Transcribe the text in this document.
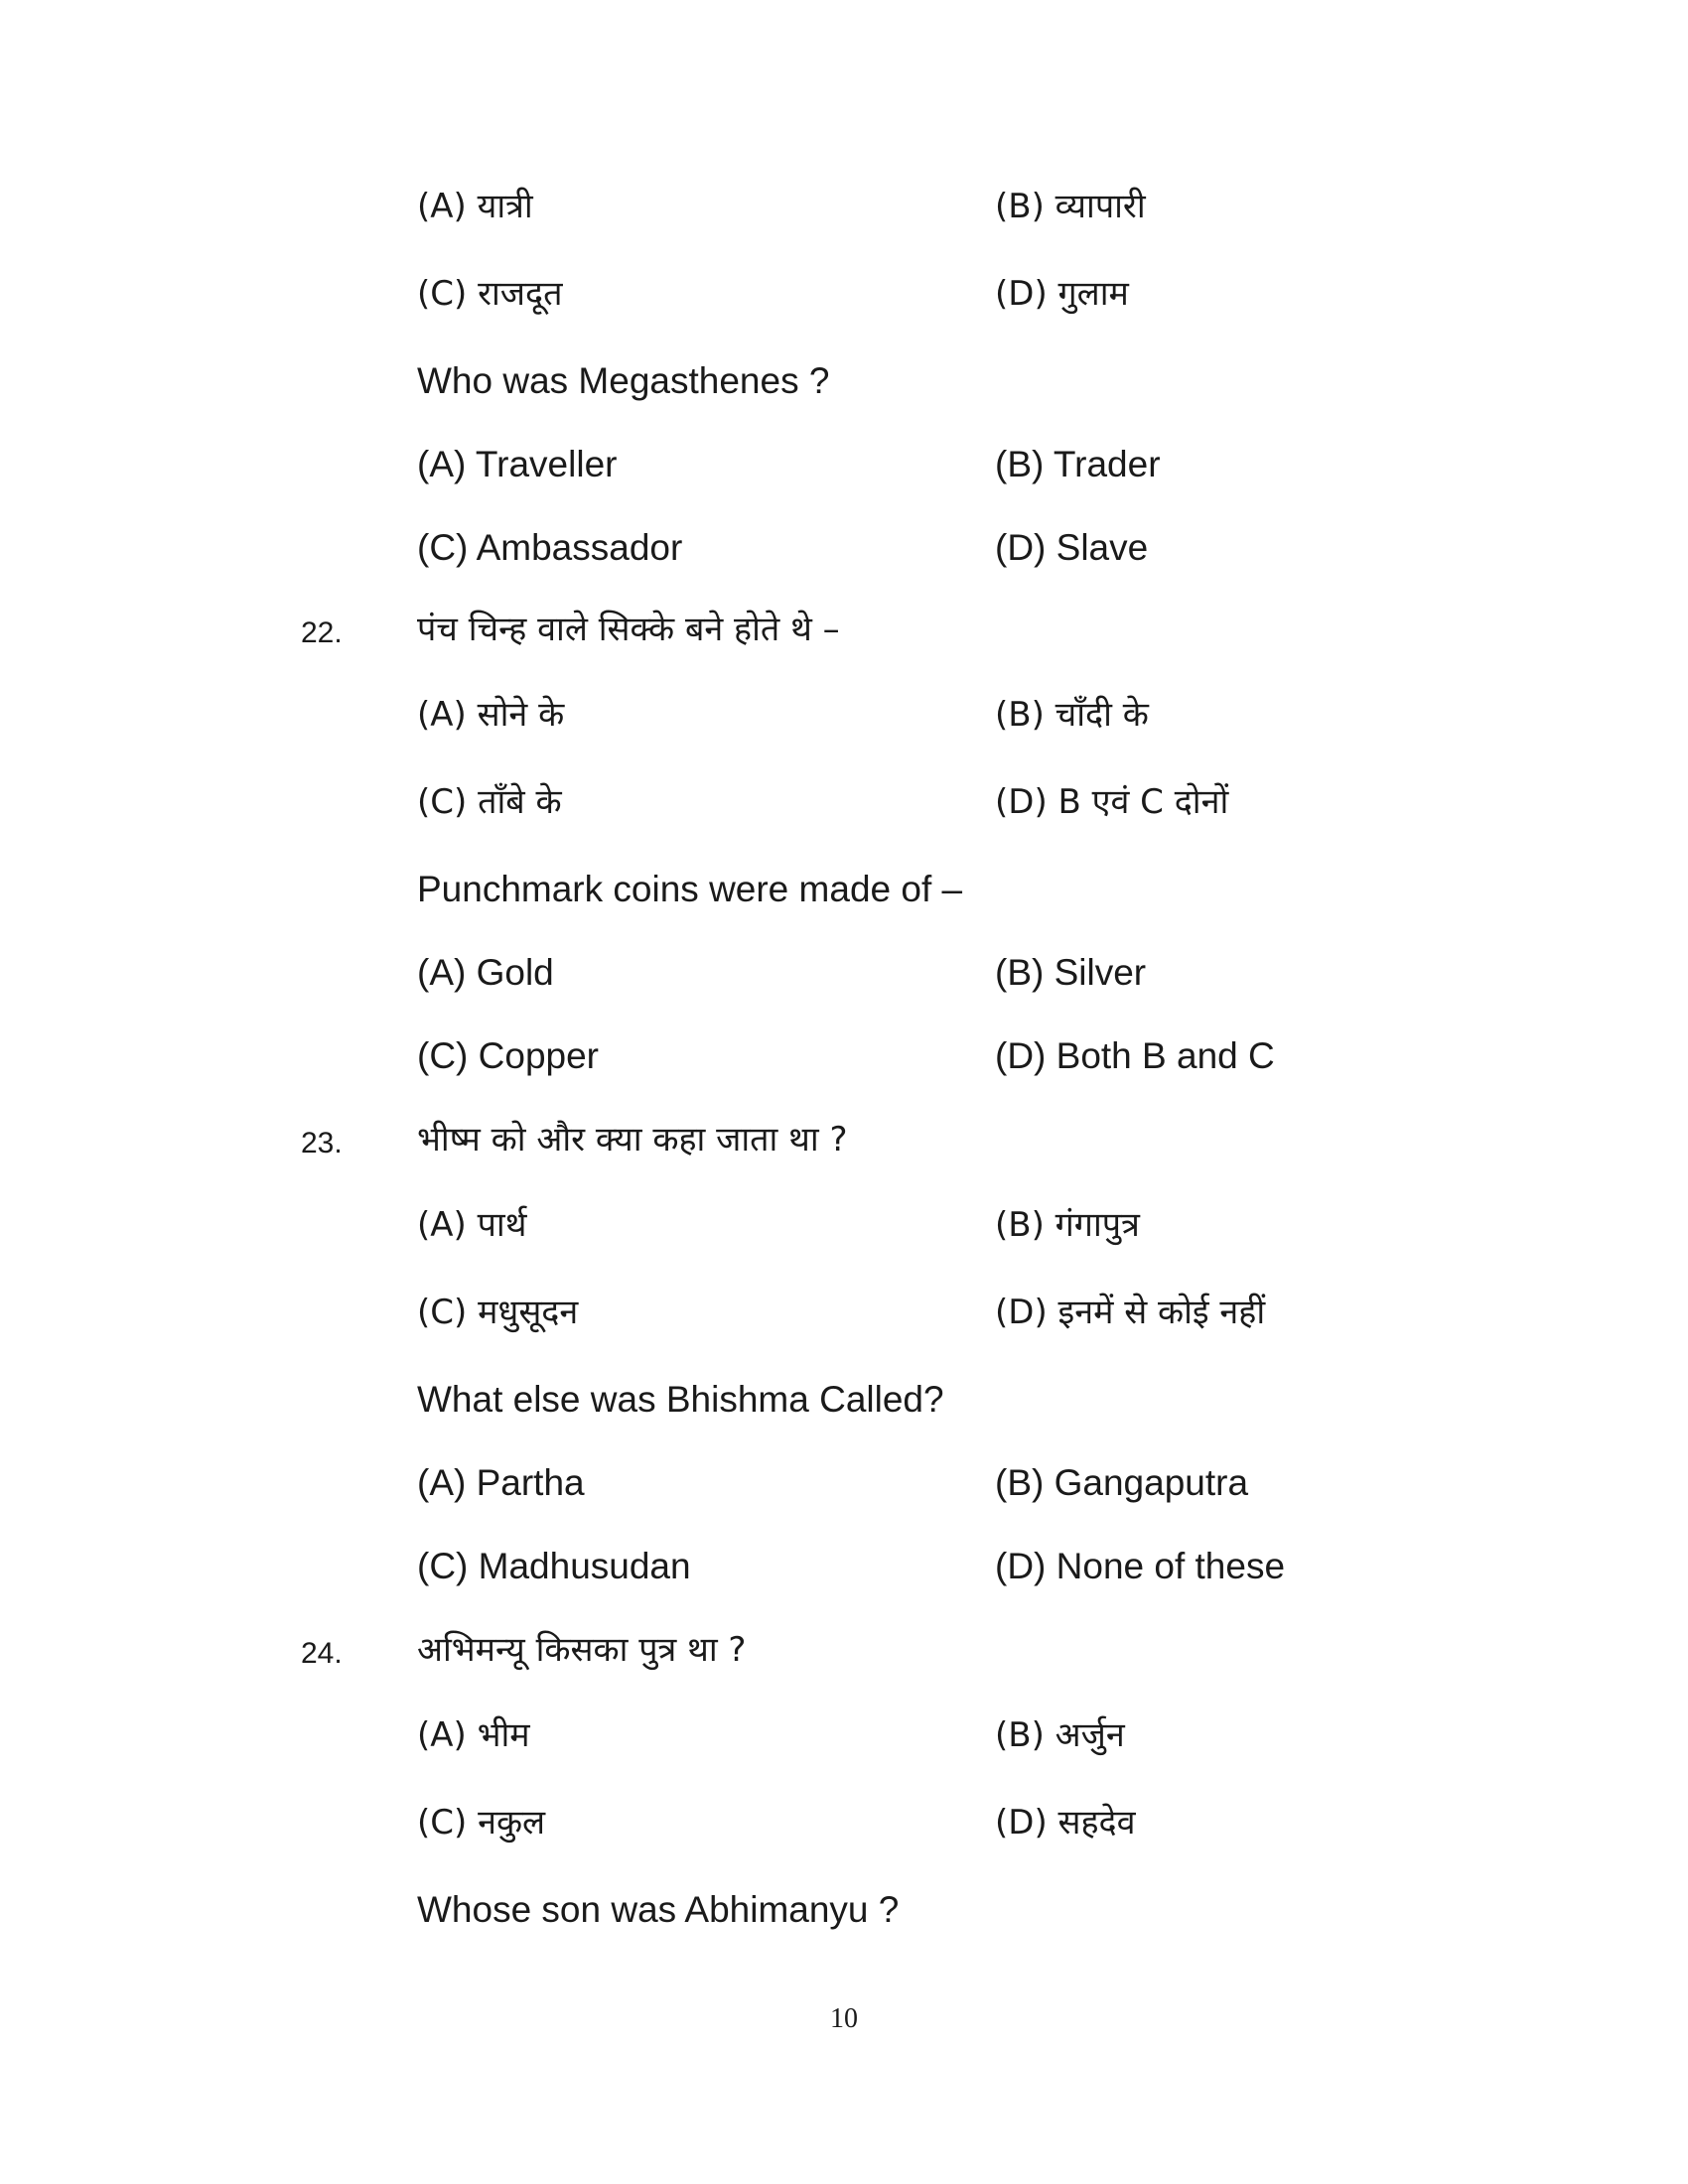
(A) यात्री	(B) व्यापारी
(C) राजदूत	(D) गुलाम
Who was Megasthenes ?
(A) Traveller	(B) Trader
(C) Ambassador	(D) Slave
22. पंच चिन्ह वाले सिक्के बने होते थे –
(A) सोने के	(B) चाँदी के
(C) ताँबे के	(D) B एवं C दोनों
Punchmark coins were made of –
(A) Gold	(B) Silver
(C) Copper	(D) Both B and C
23. भीष्म को और क्या कहा जाता था ?
(A) पार्थ	(B) गंगापुत्र
(C) मधुसूदन	(D) इनमें से कोई नहीं
What else was Bhishma Called?
(A) Partha	(B) Gangaputra
(C) Madhusudan	(D) None of these
24. अभिमन्यू किसका पुत्र था ?
(A) भीम	(B) अर्जुन
(C) नकुल	(D) सहदेव
Whose son was Abhimanyu ?
10
